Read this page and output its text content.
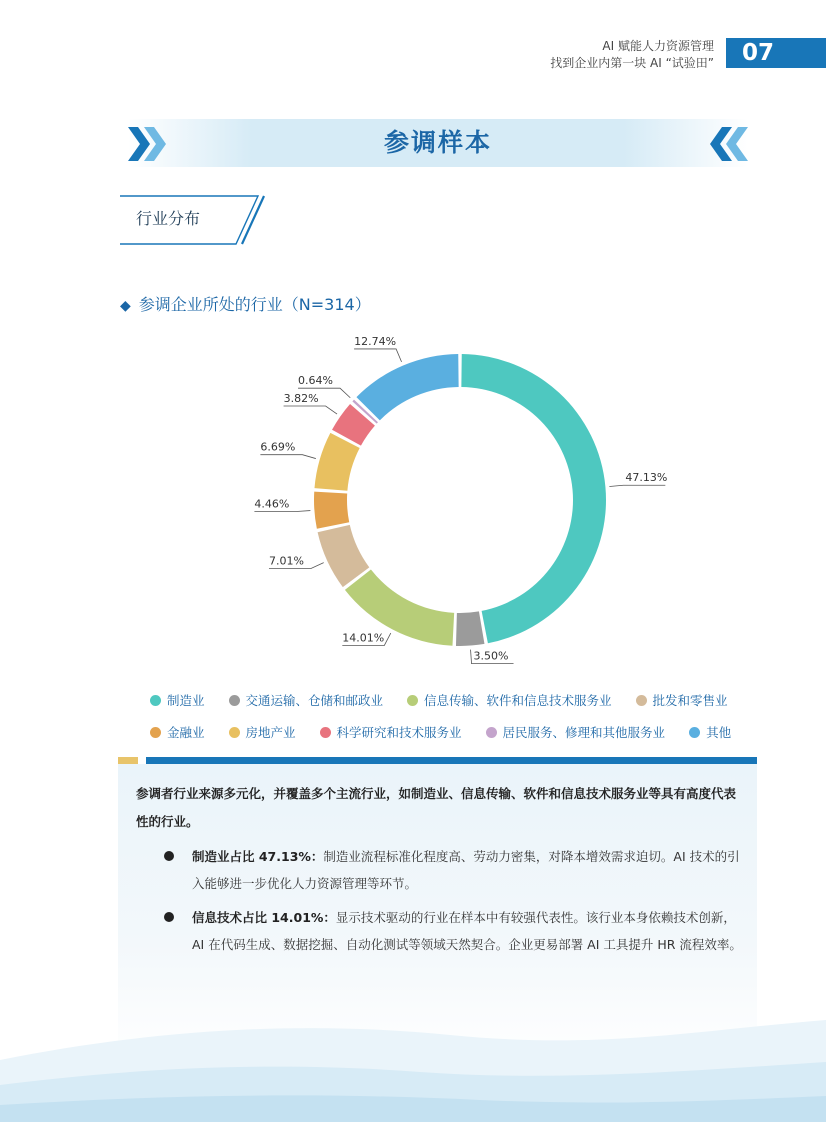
AI 赋能人力资源管理
找到企业内第一块 AI “试验田”	07
参调样本
行业分布
◆ 参调企业所处的行业（N=314）
47.13%
3.50%
14.01%
7.01%
4.46%
6.69%
3.82%
0.64%
12.74%
制造业	交通运输、仓储和邮政业	信息传输、软件和信息技术服务业	批发和零售业
金融业	房地产业	科学研究和技术服务业	居民服务、修理和其他服务业	其他
参调者行业来源多元化，并覆盖多个主流行业，如制造业、信息传输、软件和信息技术服务业等具有高度代表性的行业。
制造业占比 47.13%：制造业流程标准化程度高、劳动力密集，对降本增效需求迫切。AI 技术的引入能够进一步优化人力资源管理等环节。
信息技术占比 14.01%：显示技术驱动的行业在样本中有较强代表性。该行业本身依赖技术创新，AI 在代码生成、数据挖掘、自动化测试等领域天然契合。企业更易部署 AI 工具提升 HR 流程效率。
